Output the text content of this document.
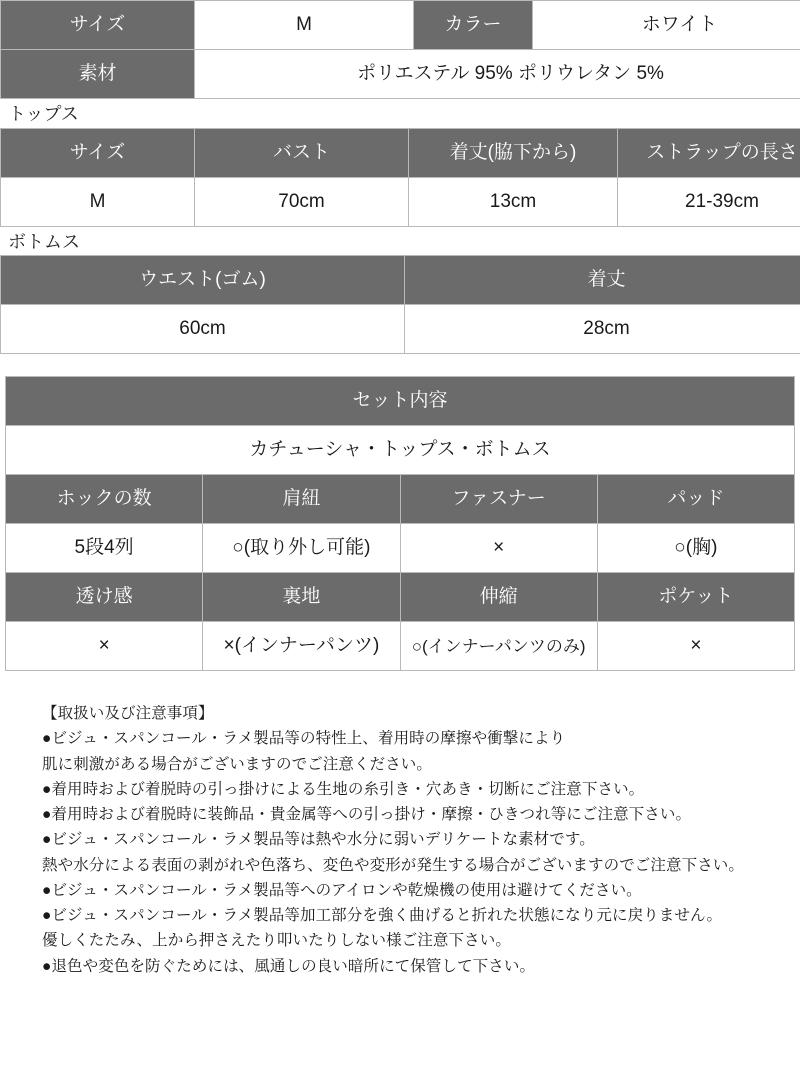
サイズ	M	カラー	ホワイト
素材	ポリエステル 95% ポリウレタン 5%		
トップス
サイズ	バスト	着丈(脇下から)	ストラップの長さ
M	70cm	13cm	21-39cm
ボトムス
ウエスト(ゴム)	着丈
60cm	28cm
セット内容			
カチューシャ・トップス・ボトムス			
ホックの数	肩紐	ファスナー	パッド
5段4列	○(取り外し可能)	×	○(胸)
透け感	裏地	伸縮	ポケット
×	×(インナーパンツ)	○(インナーパンツのみ)	×
【取扱い及び注意事項】
●ビジュ・スパンコール・ラメ製品等の特性上、着用時の摩擦や衝撃により
肌に刺激がある場合がございますのでご注意ください。
●着用時および着脱時の引っ掛けによる生地の糸引き・穴あき・切断にご注意下さい。
●着用時および着脱時に装飾品・貴金属等への引っ掛け・摩擦・ひきつれ等にご注意下さい。
●ビジュ・スパンコール・ラメ製品等は熱や水分に弱いデリケートな素材です。
熱や水分による表面の剥がれや色落ち、変色や変形が発生する場合がございますのでご注意下さい。
●ビジュ・スパンコール・ラメ製品等へのアイロンや乾燥機の使用は避けてください。
●ビジュ・スパンコール・ラメ製品等加工部分を強く曲げると折れた状態になり元に戻りません。
優しくたたみ、上から押さえたり叩いたりしない様ご注意下さい。
●退色や変色を防ぐためには、風通しの良い暗所にて保管して下さい。
